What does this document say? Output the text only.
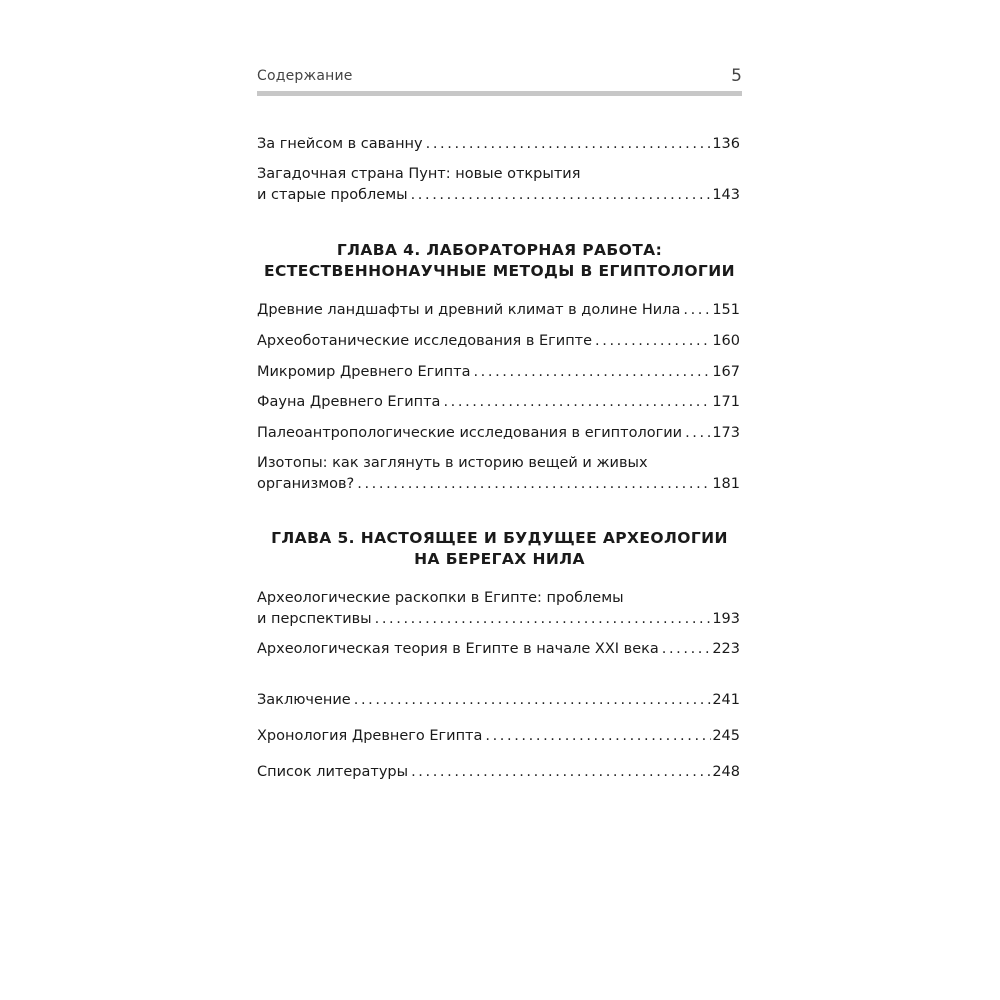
Содержание	5
За гнейсом в саванну .....	136
Загадочная страна Пунт: новые открытия
и старые проблемы .....	143
ГЛАВА 4. ЛАБОРАТОРНАЯ РАБОТА:
ЕСТЕСТВЕННОНАУЧНЫЕ МЕТОДЫ В ЕГИПТОЛОГИИ
Древние ландшафты и древний климат в долине Нила ..... 151
Археоботанические исследования в Египте .....	160
Микромир Древнего Египта .....	167
Фауна Древнего Египта .....	171
Палеоантропологические исследования в египтологии ..... 173
Изотопы: как заглянуть в историю вещей и живых
организмов? .....	181
ГЛАВА 5. НАСТОЯЩЕЕ И БУДУЩЕЕ АРХЕОЛОГИИ
НА БЕРЕГАХ НИЛА
Археологические раскопки в Египте: проблемы
и перспективы .....	193
Археологическая теория в Египте в начале XXI века .....	223
Заключение .....	241
Хронология Древнего Египта .....	245
Список литературы .....	248
